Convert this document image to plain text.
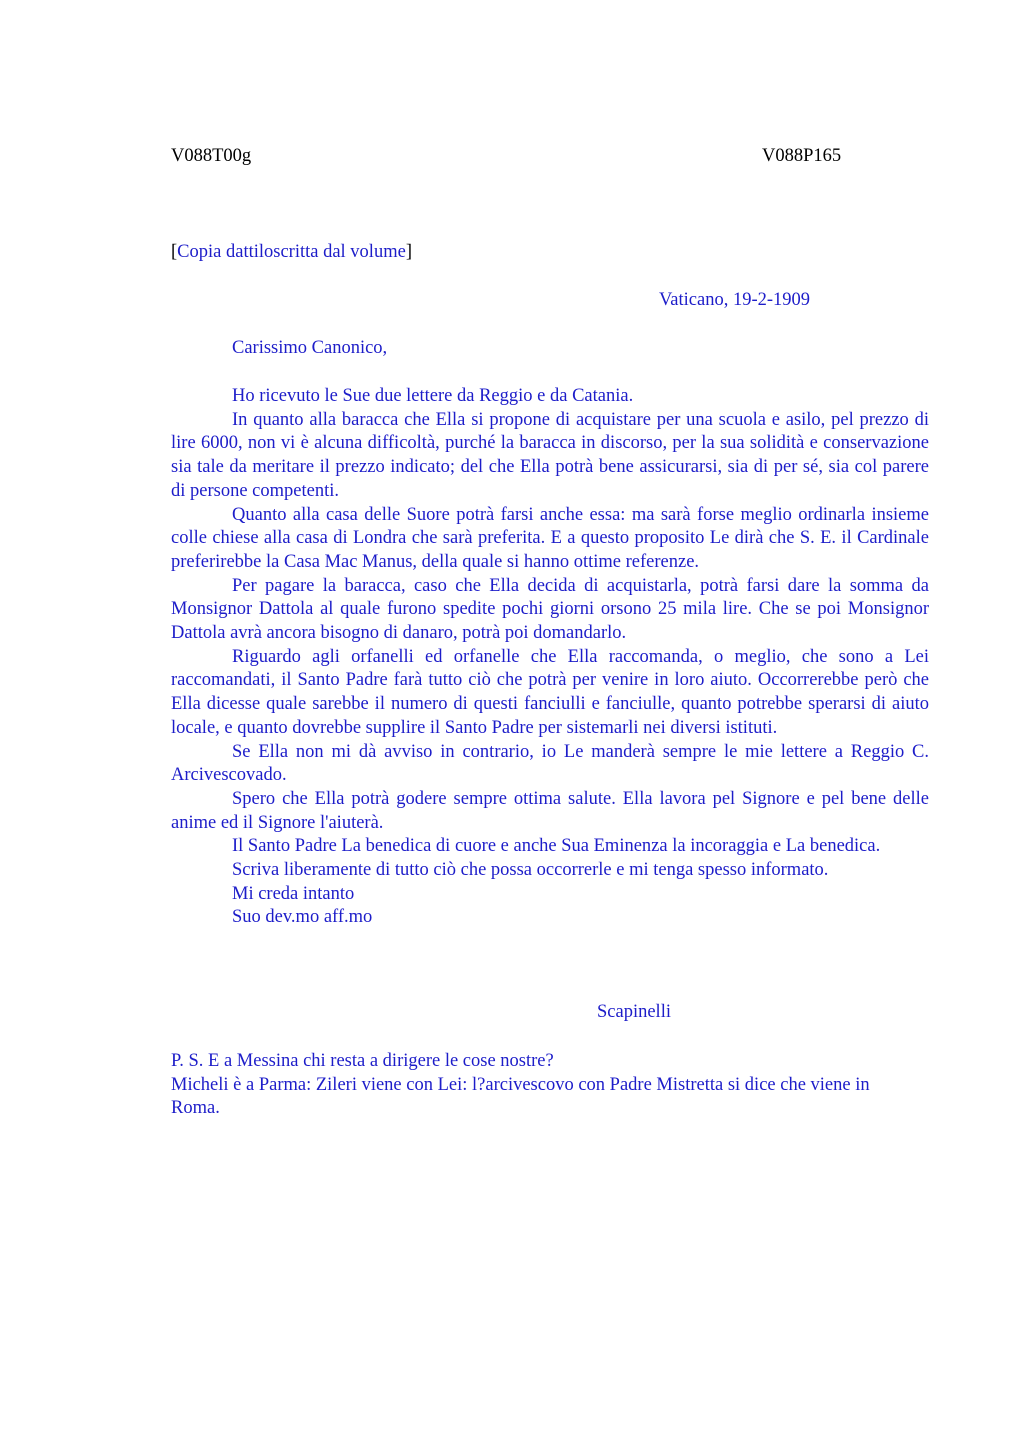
V088T00g	V088P165
[Copia dattiloscritta dal volume]
Vaticano, 19-2-1909
Carissimo Canonico,

Ho ricevuto le Sue due lettere da Reggio e da Catania.

In quanto alla baracca che Ella si propone di acquistare per una scuola e asilo, pel prezzo di lire 6000, non vi è alcuna difficoltà, purché la baracca in discorso, per la sua solidità e conservazione sia tale da meritare il prezzo indicato; del che Ella potrà bene assicurarsi, sia di per sé, sia col parere di persone competenti.

Quanto alla casa delle Suore potrà farsi anche essa: ma sarà forse meglio ordinarla insieme colle chiese alla casa di Londra che sarà preferita. E a questo proposito Le dirà che S. E. il Cardinale preferirebbe la Casa Mac Manus, della quale si hanno ottime referenze.

Per pagare la baracca, caso che Ella decida di acquistarla, potrà farsi dare la somma da Monsignor Dattola al quale furono spedite pochi giorni orsono 25 mila lire. Che se poi Monsignor Dattola avrà ancora bisogno di danaro, potrà poi domandarlo.

Riguardo agli orfanelli ed orfanelle che Ella raccomanda, o meglio, che sono a Lei raccomandati, il Santo Padre farà tutto ciò che potrà per venire in loro aiuto. Occorrerebbe però che Ella dicesse quale sarebbe il numero di questi fanciulli e fanciulle, quanto potrebbe sperarsi di aiuto locale, e quanto dovrebbe supplire il Santo Padre per sistemarli nei diversi istituti.

Se Ella non mi dà avviso in contrario, io Le manderà sempre le mie lettere a Reggio C. Arcivescovado.

Spero che Ella potrà godere sempre ottima salute. Ella lavora pel Signore e pel bene delle anime ed il Signore l'aiuterà.

Il Santo Padre La benedica di cuore e anche Sua Eminenza la incoraggia e La benedica.

Scriva liberamente di tutto ciò che possa occorrerle e mi tenga spesso informato.

Mi creda intanto

Suo dev.mo aff.mo

Scapinelli

P. S. E a Messina chi resta a dirigere le cose nostre?

Micheli è a Parma: Zileri viene con Lei: l?arcivescovo con Padre Mistretta si dice che viene in Roma.
